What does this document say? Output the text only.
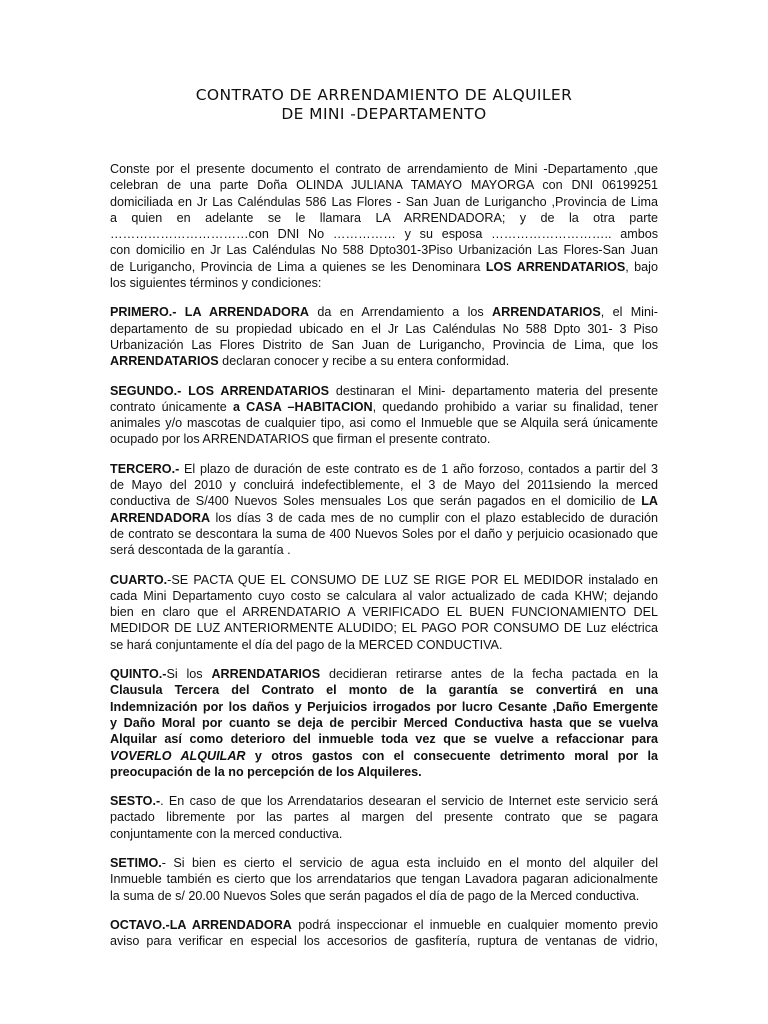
CONTRATO DE ARRENDAMIENTO DE ALQUILER
DE MINI -DEPARTAMENTO
Conste por el presente documento el contrato de arrendamiento de Mini -Departamento ,que
celebran de una parte Doña OLINDA JULIANA TAMAYO MAYORGA con DNI 06199251
domiciliada en Jr Las Caléndulas 586 Las Flores - San Juan de Lurigancho ,Provincia de Lima
a quien en adelante se le llamara LA ARRENDADORA; y de la otra parte
……………………………con DNI No …………… y su esposa ……………………….. ambos
con domicilio en Jr Las Caléndulas No 588 Dpto301-3Piso Urbanización Las Flores-San Juan
de Lurigancho, Provincia de Lima a quienes se les Denominara LOS ARRENDATARIOS, bajo
los siguientes términos y condiciones:
PRIMERO.- LA ARRENDADORA da en Arrendamiento a los ARRENDATARIOS, el Mini-
departamento de su propiedad ubicado en el Jr Las Caléndulas No 588 Dpto 301- 3 Piso
Urbanización Las Flores Distrito de San Juan de Lurigancho, Provincia de Lima, que los
ARRENDATARIOS declaran conocer y recibe a su entera conformidad.
SEGUNDO.- LOS ARRENDATARIOS destinaran el Mini- departamento materia del presente
contrato únicamente a CASA –HABITACION, quedando prohibido a variar su finalidad, tener
animales y/o mascotas de cualquier tipo, asi como el Inmueble que se Alquila será únicamente
ocupado por los ARRENDATARIOS que firman el presente contrato.
TERCERO.- El plazo de duración de este contrato es de 1 año forzoso, contados a partir del 3
de Mayo del 2010 y concluirá indefectiblemente, el 3 de Mayo del 2011siendo la merced
conductiva de S/400 Nuevos Soles mensuales Los que serán pagados en el domicilio de LA
ARRENDADORA los días 3 de cada mes de no cumplir con el plazo establecido de duración
de contrato se descontara la suma de 400 Nuevos Soles por el daño y perjuicio ocasionado que
será descontada de la garantía .
CUARTO.-SE PACTA QUE EL CONSUMO DE LUZ SE RIGE POR EL MEDIDOR instalado en
cada Mini Departamento cuyo costo se calculara al valor actualizado de cada KHW; dejando
bien en claro que el ARRENDATARIO A VERIFICADO EL BUEN FUNCIONAMIENTO DEL
MEDIDOR DE LUZ ANTERIORMENTE ALUDIDO; EL PAGO POR CONSUMO DE Luz eléctrica
se hará conjuntamente el día del pago de la MERCED CONDUCTIVA.
QUINTO.-Si los ARRENDATARIOS decidieran retirarse antes de la fecha pactada en la
Clausula Tercera del Contrato el monto de la garantía se convertirá en una
Indemnización por los daños y Perjuicios irrogados por lucro Cesante ,Daño Emergente
y Daño Moral por cuanto se deja de percibir Merced Conductiva hasta que se vuelva
Alquilar así como deterioro del inmueble toda vez que se vuelve a refaccionar para
VOVERLO ALQUILAR y otros gastos con el consecuente detrimento moral por la
preocupación de la no percepción de los Alquileres.
SESTO.-. En caso de que los Arrendatarios desearan el servicio de Internet este servicio será
pactado libremente por las partes al margen del presente contrato que se pagara
conjuntamente con la merced conductiva.
SETIMO.- Si bien es cierto el servicio de agua esta incluido en el monto del alquiler del
Inmueble también es cierto que los arrendatarios que tengan Lavadora pagaran adicionalmente
la suma de s/ 20.00 Nuevos Soles que serán pagados el día de pago de la Merced conductiva.
OCTAVO.-LA ARRENDADORA podrá inspeccionar el inmueble en cualquier momento previo
aviso para verificar en especial los accesorios de gasfitería, ruptura de ventanas de vidrio,
